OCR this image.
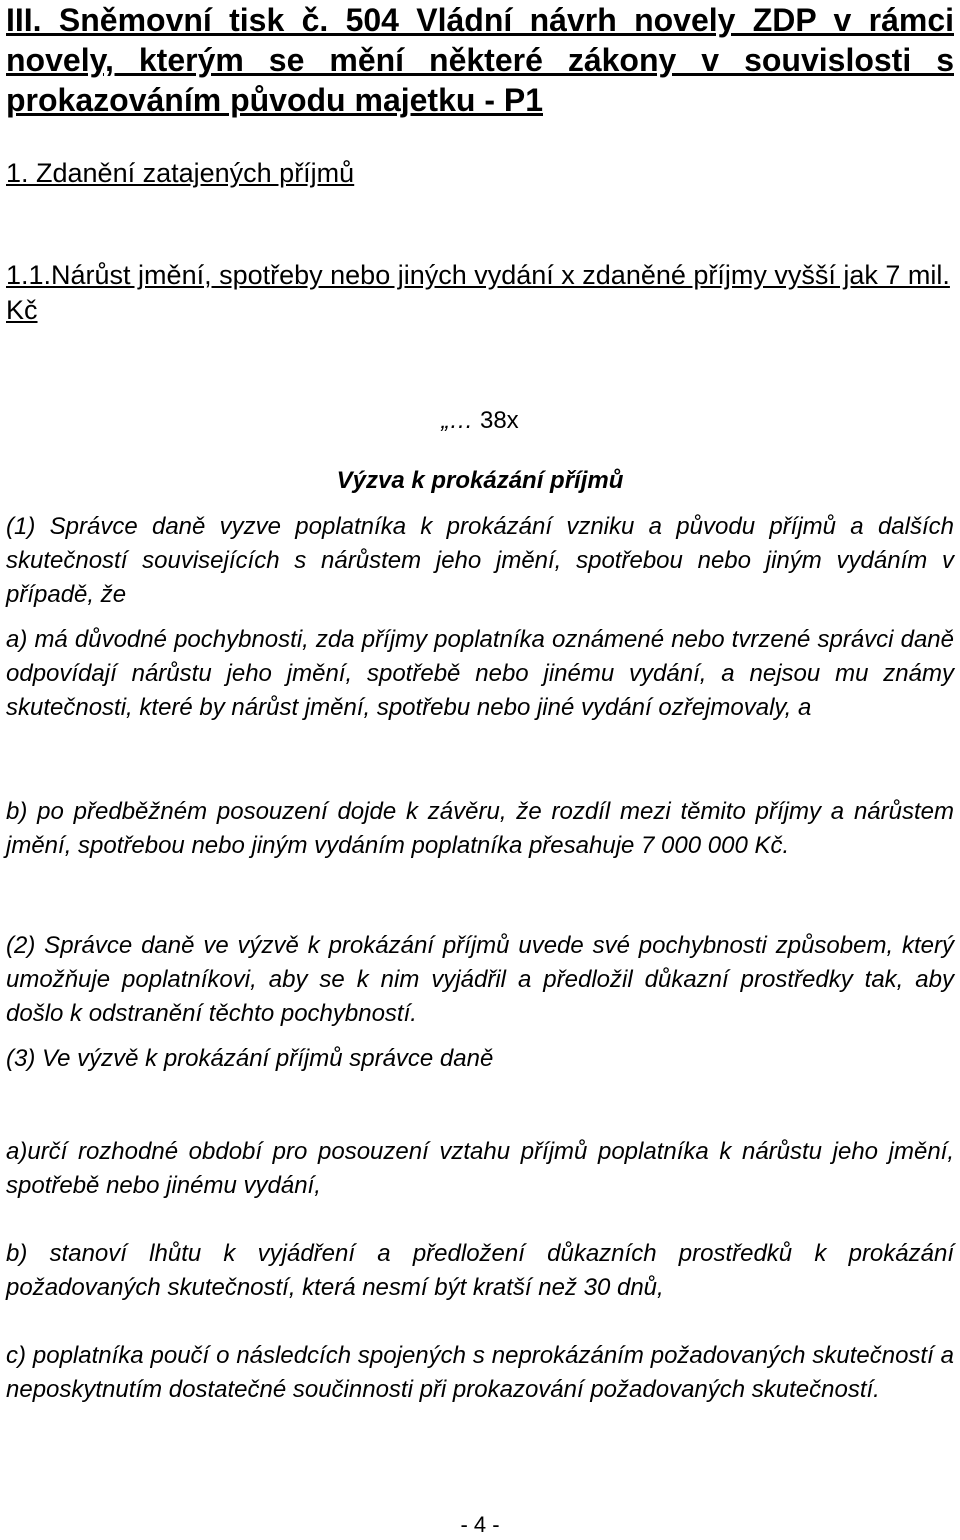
III. Sněmovní tisk č. 504 Vládní návrh novely ZDP v rámci novely, kterým se mění některé zákony v souvislosti s prokazováním původu majetku - P1

1. Zdanění zatajených příjmů

1.1.Nárůst jmění, spotřeby nebo jiných vydání x zdaněné příjmy vyšší jak 7 mil. Kč

„… 38x
Výzva k prokázání příjmů

(1) Správce daně vyzve poplatníka k prokázání vzniku a původu příjmů a dalších skutečností souvisejících s nárůstem jeho jmění, spotřebou nebo jiným vydáním v případě, že

a) má důvodné pochybnosti, zda příjmy poplatníka oznámené nebo tvrzené správci daně odpovídají nárůstu jeho jmění, spotřebě nebo jinému vydání, a nejsou mu známy skutečnosti, které by nárůst jmění, spotřebu nebo jiné vydání ozřejmovaly, a

b) po předběžném posouzení dojde k závěru, že rozdíl mezi těmito příjmy a nárůstem jmění, spotřebou nebo jiným vydáním poplatníka přesahuje 7 000 000 Kč.

(2) Správce daně ve výzvě k prokázání příjmů uvede své pochybnosti způsobem, který umožňuje poplatníkovi, aby se k nim vyjádřil a předložil důkazní prostředky tak, aby došlo k odstranění těchto pochybností.

(3) Ve výzvě k prokázání příjmů správce daně

a)určí rozhodné období pro posouzení vztahu příjmů poplatníka k nárůstu jeho jmění, spotřebě nebo jinému vydání,

b) stanoví lhůtu k vyjádření a předložení důkazních prostředků k prokázání požadovaných skutečností, která nesmí být kratší než 30 dnů,

c) poplatníka poučí o následcích spojených s neprokázáním požadovaných skutečností a neposkytnutím dostatečné součinnosti při prokazování požadovaných skutečností.

- 4 -
